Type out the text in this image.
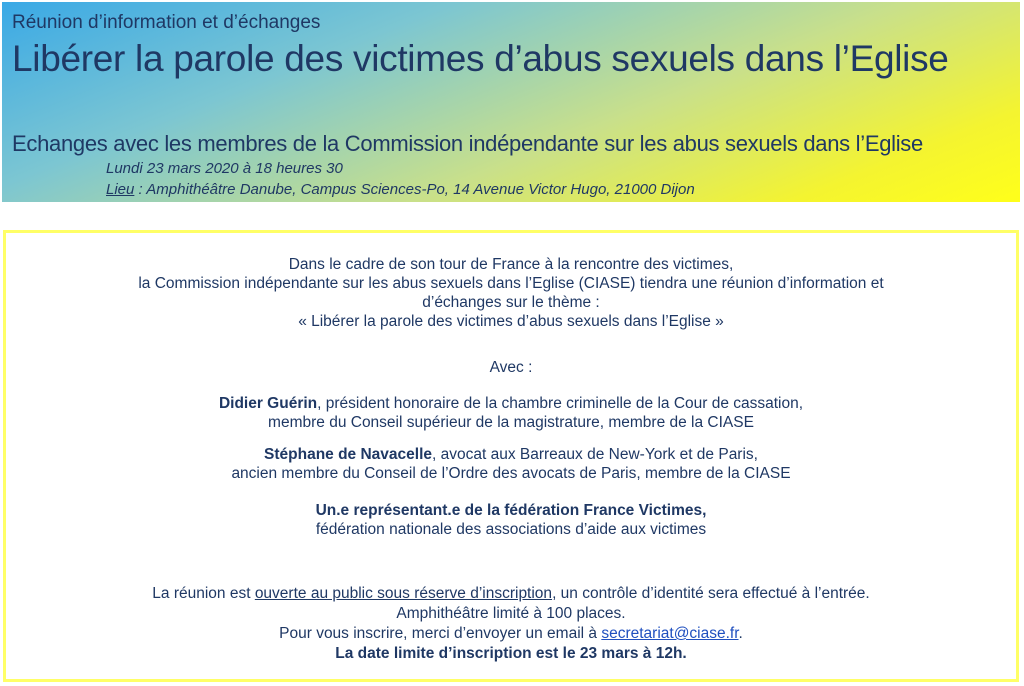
Réunion d’information et d’échanges
Libérer la parole des victimes d’abus sexuels dans l’Eglise
Echanges avec les membres de la Commission indépendante sur les abus sexuels dans l’Eglise
Lundi 23 mars 2020 à 18 heures 30
Lieu : Amphithéâtre Danube, Campus Sciences-Po, 14 Avenue Victor Hugo, 21000 Dijon
Dans le cadre de son tour de France à la rencontre des victimes,
la Commission indépendante sur les abus sexuels dans l’Eglise (CIASE) tiendra une réunion d’information et
d’échanges sur le thème :
« Libérer la parole des victimes d’abus sexuels dans l’Eglise »
Avec :
Didier Guérin, président honoraire de la chambre criminelle de la Cour de cassation,
membre du Conseil supérieur de la magistrature, membre de la CIASE
Stéphane de Navacelle, avocat aux Barreaux de New-York et de Paris,
ancien membre du Conseil de l’Ordre des avocats de Paris, membre de la CIASE
Un.e représentant.e de la fédération France Victimes,
fédération nationale des associations d’aide aux victimes
La réunion est ouverte au public sous réserve d’inscription, un contrôle d’identité sera effectué à l’entrée.
Amphithéâtre limité à 100 places.
Pour vous inscrire, merci d’envoyer un email à secretariat@ciase.fr.
La date limite d’inscription est le 23 mars à 12h.
